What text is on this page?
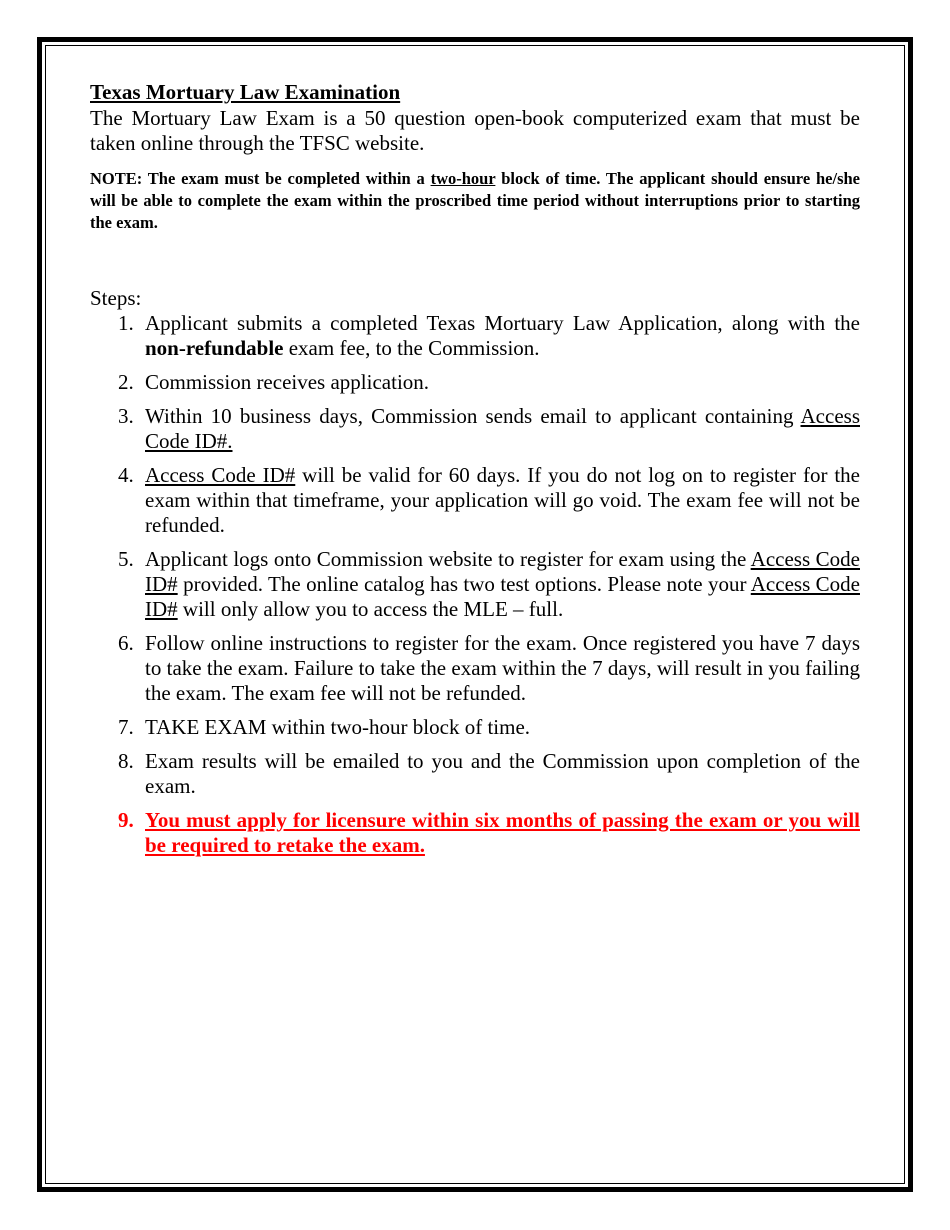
Texas Mortuary Law Examination

The Mortuary Law Exam is a 50 question open-book computerized exam that must be taken online through the TFSC website.

NOTE: The exam must be completed within a two-hour block of time. The applicant should ensure he/she will be able to complete the exam within the proscribed time period without interruptions prior to starting the exam.

Steps:

1. Applicant submits a completed Texas Mortuary Law Application, along with the non-refundable exam fee, to the Commission.
2. Commission receives application.
3. Within 10 business days, Commission sends email to applicant containing Access Code ID#.
4. Access Code ID# will be valid for 60 days. If you do not log on to register for the exam within that timeframe, your application will go void. The exam fee will not be refunded.
5. Applicant logs onto Commission website to register for exam using the Access Code ID# provided. The online catalog has two test options. Please note your Access Code ID# will only allow you to access the MLE – full.
6. Follow online instructions to register for the exam. Once registered you have 7 days to take the exam. Failure to take the exam within the 7 days, will result in you failing the exam. The exam fee will not be refunded.
7. TAKE EXAM within two-hour block of time.
8. Exam results will be emailed to you and the Commission upon completion of the exam.
9. You must apply for licensure within six months of passing the exam or you will be required to retake the exam.
